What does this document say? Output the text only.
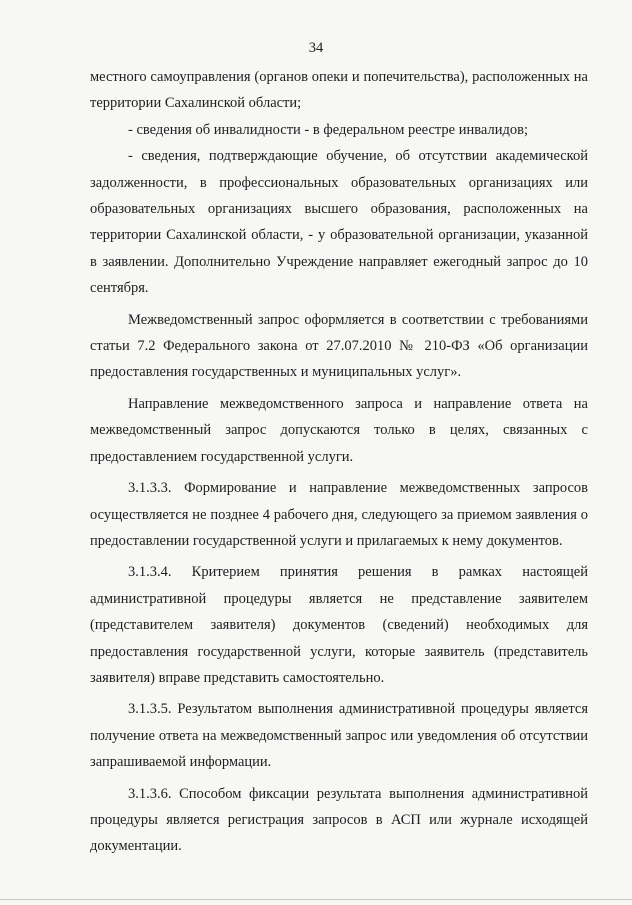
34

местного самоуправления (органов опеки и попечительства), расположенных на территории Сахалинской области;

- сведения об инвалидности - в федеральном реестре инвалидов;

- сведения, подтверждающие обучение, об отсутствии академической задолженности, в профессиональных образовательных организациях или образовательных организациях высшего образования, расположенных на территории Сахалинской области, - у образовательной организации, указанной в заявлении. Дополнительно Учреждение направляет ежегодный запрос до 10 сентября.

Межведомственный запрос оформляется в соответствии с требованиями статьи 7.2 Федерального закона от 27.07.2010 № 210-ФЗ «Об организации предоставления государственных и муниципальных услуг».

Направление межведомственного запроса и направление ответа на межведомственный запрос допускаются только в целях, связанных с предоставлением государственной услуги.

3.1.3.3. Формирование и направление межведомственных запросов осуществляется не позднее 4 рабочего дня, следующего за приемом заявления о предоставлении государственной услуги и прилагаемых к нему документов.

3.1.3.4. Критерием принятия решения в рамках настоящей административной процедуры является не представление заявителем (представителем заявителя) документов (сведений) необходимых для предоставления государственной услуги, которые заявитель (представитель заявителя) вправе представить самостоятельно.

3.1.3.5. Результатом выполнения административной процедуры является получение ответа на межведомственный запрос или уведомления об отсутствии запрашиваемой информации.

3.1.3.6. Способом фиксации результата выполнения административной процедуры является регистрация запросов в АСП или журнале исходящей документации.
